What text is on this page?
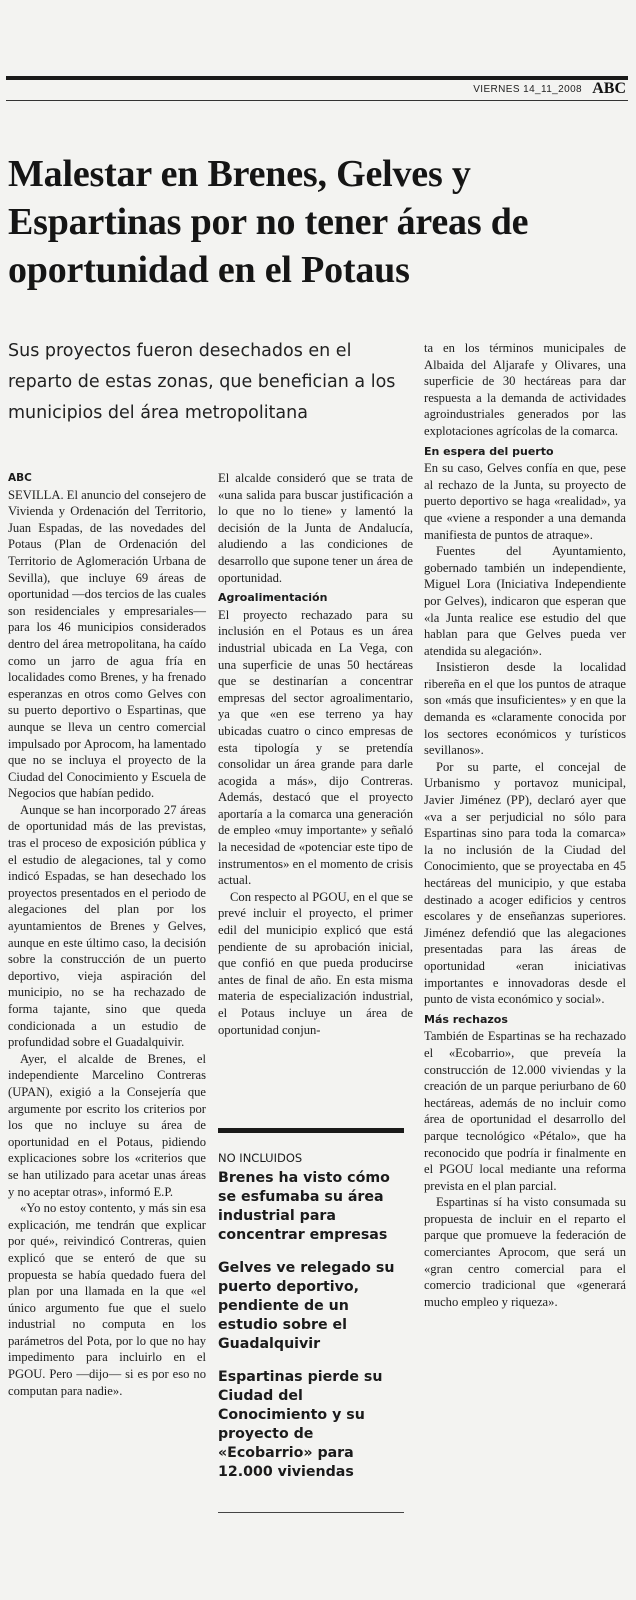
VIERNES 14_11_2008 ABC
Malestar en Brenes, Gelves y Espartinas por no tener áreas de oportunidad en el Potaus

Sus proyectos fueron desechados en el reparto de estas zonas, que benefician a los municipios del área metropolitana

ABC

SEVILLA. El anuncio del consejero de Vivienda y Ordenación del Territorio, Juan Espadas, de las novedades del Potaus (Plan de Ordenación del Territorio de Aglomeración Urbana de Sevilla), que incluye 69 áreas de oportunidad —dos tercios de las cuales son residenciales y empresariales— para los 46 municipios considerados dentro del área metropolitana, ha caído como un jarro de agua fría en localidades como Brenes, y ha frenado esperanzas en otros como Gelves con su puerto deportivo o Espartinas, que aunque se lleva un centro comercial impulsado por Aprocom, ha lamentado que no se incluya el proyecto de la Ciudad del Conocimiento y Escuela de Negocios que habían pedido.

Aunque se han incorporado 27 áreas de oportunidad más de las previstas, tras el proceso de exposición pública y el estudio de alegaciones, tal y como indicó Espadas, se han desechado los proyectos presentados en el periodo de alegaciones del plan por los ayuntamientos de Brenes y Gelves, aunque en este último caso, la decisión sobre la construcción de un puerto deportivo, vieja aspiración del municipio, no se ha rechazado de forma tajante, sino que queda condicionada a un estudio de profundidad sobre el Guadalquivir.

Ayer, el alcalde de Brenes, el independiente Marcelino Contreras (UPAN), exigió a la Consejería que argumente por escrito los criterios por los que no incluye su área de oportunidad en el Potaus, pidiendo explicaciones sobre los «criterios que se han utilizado para acetar unas áreas y no aceptar otras», informó E.P.

«Yo no estoy contento, y más sin esa explicación, me tendrán que explicar por qué», reivindicó Contreras, quien explicó que se enteró de que su propuesta se había quedado fuera del plan por una llamada en la que «el único argumento fue que el suelo industrial no computa en los parámetros del Pota, por lo que no hay impedimento para incluirlo en el PGOU. Pero —dijo— si es por eso no computan para nadie».

El alcalde consideró que se trata de «una salida para buscar justificación a lo que no lo tiene» y lamentó la decisión de la Junta de Andalucía, aludiendo a las condiciones de desarrollo que supone tener un área de oportunidad.

Agroalimentación

El proyecto rechazado para su inclusión en el Potaus es un área industrial ubicada en La Vega, con una superficie de unas 50 hectáreas que se destinarían a concentrar empresas del sector agroalimentario, ya que «en ese terreno ya hay ubicadas cuatro o cinco empresas de esta tipología y se pretendía consolidar un área grande para darle acogida a más», dijo Contreras. Además, destacó que el proyecto aportaría a la comarca una generación de empleo «muy importante» y señaló la necesidad de «potenciar este tipo de instrumentos» en el momento de crisis actual.

Con respecto al PGOU, en el que se prevé incluir el proyecto, el primer edil del municipio explicó que está pendiente de su aprobación inicial, que confió en que pueda producirse antes de final de año. En esta misma materia de especialización industrial, el Potaus incluye un área de oportunidad conjun-

ta en los términos municipales de Albaida del Aljarafe y Olivares, una superficie de 30 hectáreas para dar respuesta a la demanda de actividades agroindustriales generados por las explotaciones agrícolas de la comarca.

En espera del puerto

En su caso, Gelves confía en que, pese al rechazo de la Junta, su proyecto de puerto deportivo se haga «realidad», ya que «viene a responder a una demanda manifiesta de puntos de atraque».

Fuentes del Ayuntamiento, gobernado también un independiente, Miguel Lora (Iniciativa Independiente por Gelves), indicaron que esperan que «la Junta realice ese estudio del que hablan para que Gelves pueda ver atendida su alegación».

Insistieron desde la localidad ribereña en el que los puntos de atraque son «más que insuficientes» y en que la demanda es «claramente conocida por los sectores económicos y turísticos sevillanos».

Por su parte, el concejal de Urbanismo y portavoz municipal, Javier Jiménez (PP), declaró ayer que «va a ser perjudicial no sólo para Espartinas sino para toda la comarca» la no inclusión de la Ciudad del Conocimiento, que se proyectaba en 45 hectáreas del municipio, y que estaba destinado a acoger edificios y centros escolares y de enseñanzas superiores. Jiménez defendió que las alegaciones presentadas para las áreas de oportunidad «eran iniciativas importantes e innovadoras desde el punto de vista económico y social».

Más rechazos

También de Espartinas se ha rechazado el «Ecobarrio», que preveía la construcción de 12.000 viviendas y la creación de un parque periurbano de 60 hectáreas, además de no incluir como área de oportunidad el desarrollo del parque tecnológico «Pétalo», que ha reconocido que podría ir finalmente en el PGOU local mediante una reforma prevista en el plan parcial.

Espartinas sí ha visto consumada su propuesta de incluir en el reparto el parque que promueve la federación de comerciantes Aprocom, que será un «gran centro comercial para el comercio tradicional que «generará mucho empleo y riqueza».

NO INCLUIDOS

Brenes ha visto cómo se esfumaba su área industrial para concentrar empresas

Gelves ve relegado su puerto deportivo, pendiente de un estudio sobre el Guadalquivir

Espartinas pierde su Ciudad del Conocimiento y su proyecto de «Ecobarrio» para 12.000 viviendas
